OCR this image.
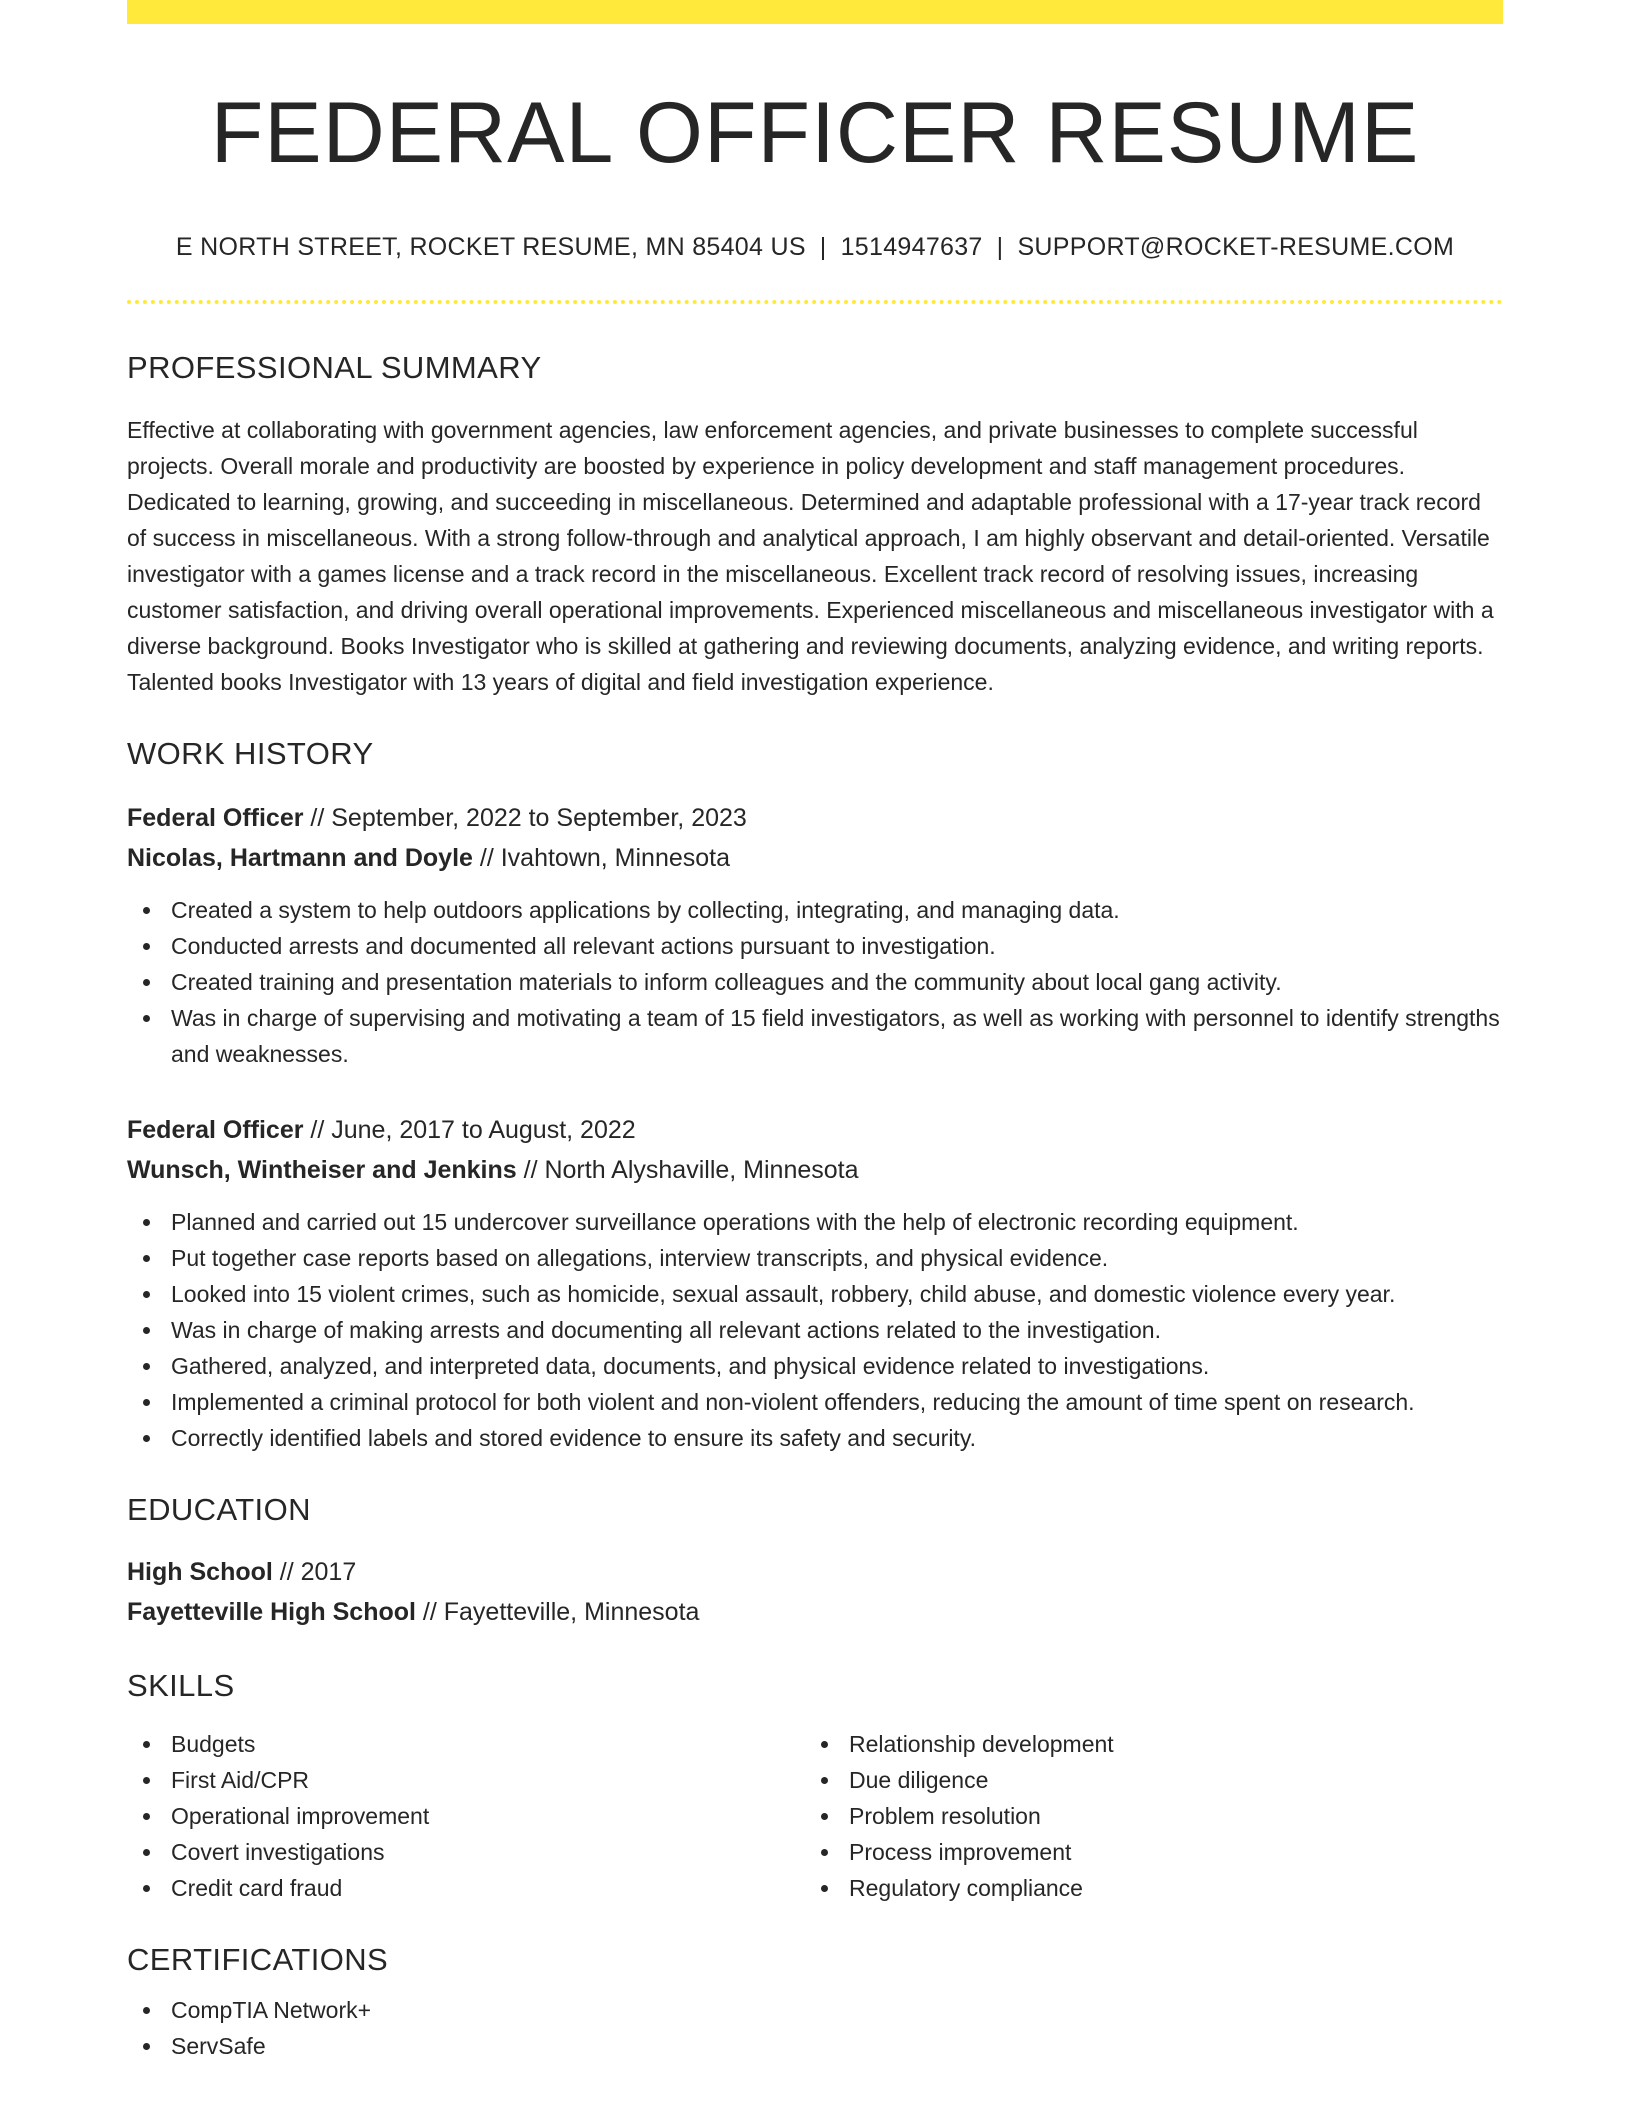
FEDERAL OFFICER RESUME
E NORTH STREET, ROCKET RESUME, MN 85404 US | 1514947637 | SUPPORT@ROCKET-RESUME.COM
PROFESSIONAL SUMMARY

Effective at collaborating with government agencies, law enforcement agencies, and private businesses to complete successful projects. Overall morale and productivity are boosted by experience in policy development and staff management procedures. Dedicated to learning, growing, and succeeding in miscellaneous. Determined and adaptable professional with a 17-year track record of success in miscellaneous. With a strong follow-through and analytical approach, I am highly observant and detail-oriented. Versatile investigator with a games license and a track record in the miscellaneous. Excellent track record of resolving issues, increasing customer satisfaction, and driving overall operational improvements. Experienced miscellaneous and miscellaneous investigator with a diverse background. Books Investigator who is skilled at gathering and reviewing documents, analyzing evidence, and writing reports. Talented books Investigator with 13 years of digital and field investigation experience.

WORK HISTORY
Federal Officer // September, 2022 to September, 2023
Nicolas, Hartmann and Doyle // Ivahtown, Minnesota
Created a system to help outdoors applications by collecting, integrating, and managing data.
Conducted arrests and documented all relevant actions pursuant to investigation.
Created training and presentation materials to inform colleagues and the community about local gang activity.
Was in charge of supervising and motivating a team of 15 field investigators, as well as working with personnel to identify strengths and weaknesses.
Federal Officer // June, 2017 to August, 2022
Wunsch, Wintheiser and Jenkins // North Alyshaville, Minnesota
Planned and carried out 15 undercover surveillance operations with the help of electronic recording equipment.
Put together case reports based on allegations, interview transcripts, and physical evidence.
Looked into 15 violent crimes, such as homicide, sexual assault, robbery, child abuse, and domestic violence every year.
Was in charge of making arrests and documenting all relevant actions related to the investigation.
Gathered, analyzed, and interpreted data, documents, and physical evidence related to investigations.
Implemented a criminal protocol for both violent and non-violent offenders, reducing the amount of time spent on research.
Correctly identified labels and stored evidence to ensure its safety and security.
EDUCATION
High School // 2017
Fayetteville High School // Fayetteville, Minnesota
SKILLS
Budgets
First Aid/CPR
Operational improvement
Covert investigations
Credit card fraud
Relationship development
Due diligence
Problem resolution
Process improvement
Regulatory compliance
CERTIFICATIONS
CompTIA Network+
ServSafe
